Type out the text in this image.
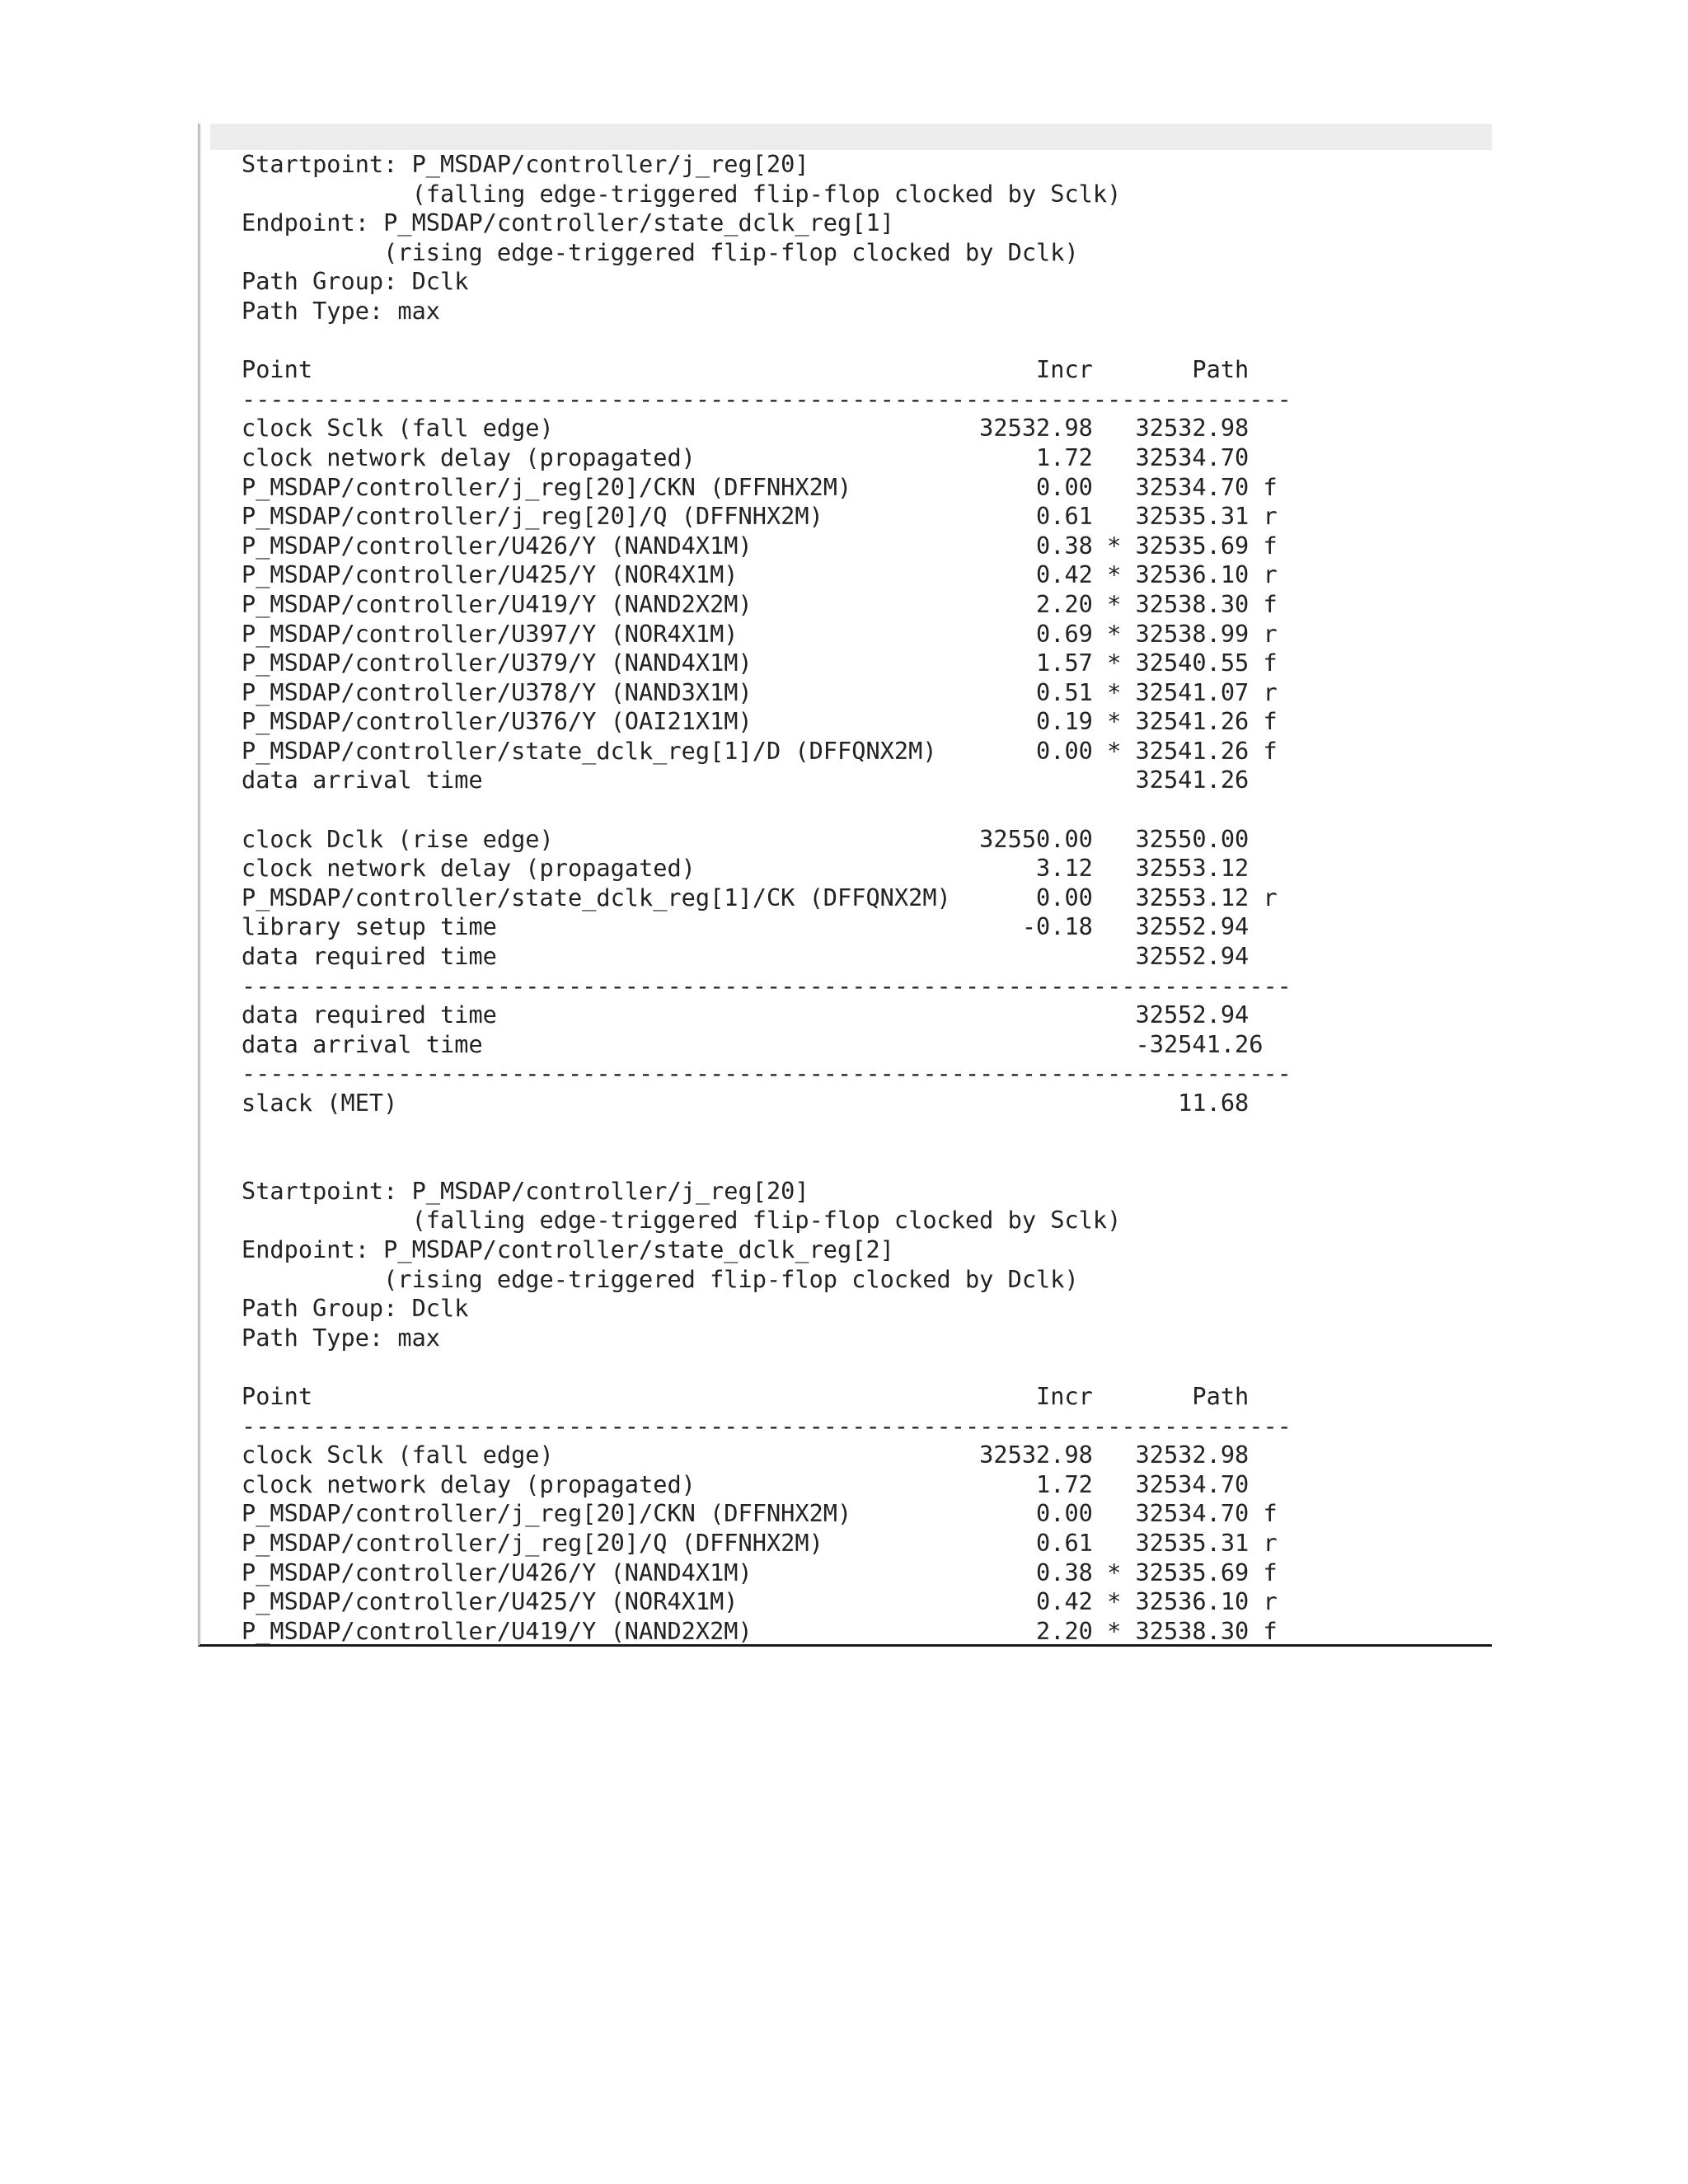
Startpoint: P_MSDAP/controller/j_reg[20]
(falling edge-triggered flip-flop clocked by Sclk)
Endpoint: P_MSDAP/controller/state_dclk_reg[1]
(rising edge-triggered flip-flop clocked by Dclk)
Path Group: Dclk
Path Type: max

Point                                                   Incr       Path
--------------------------------------------------------------------------
clock Sclk (fall edge)                              32532.98   32532.98
clock network delay (propagated)                        1.72   32534.70
P_MSDAP/controller/j_reg[20]/CKN (DFFNHX2M)             0.00   32534.70 f
P_MSDAP/controller/j_reg[20]/Q (DFFNHX2M)               0.61   32535.31 r
P_MSDAP/controller/U426/Y (NAND4X1M)                    0.38 * 32535.69 f
P_MSDAP/controller/U425/Y (NOR4X1M)                     0.42 * 32536.10 r
P_MSDAP/controller/U419/Y (NAND2X2M)                    2.20 * 32538.30 f
P_MSDAP/controller/U397/Y (NOR4X1M)                     0.69 * 32538.99 r
P_MSDAP/controller/U379/Y (NAND4X1M)                    1.57 * 32540.55 f
P_MSDAP/controller/U378/Y (NAND3X1M)                    0.51 * 32541.07 r
P_MSDAP/controller/U376/Y (OAI21X1M)                    0.19 * 32541.26 f
P_MSDAP/controller/state_dclk_reg[1]/D (DFFQNX2M)       0.00 * 32541.26 f
data arrival time                                              32541.26

clock Dclk (rise edge)                              32550.00   32550.00
clock network delay (propagated)                        3.12   32553.12
P_MSDAP/controller/state_dclk_reg[1]/CK (DFFQNX2M)      0.00   32553.12 r
library setup time                                     -0.18   32552.94
data required time                                             32552.94
--------------------------------------------------------------------------
data required time                                             32552.94
data arrival time                                              -32541.26
--------------------------------------------------------------------------
slack (MET)                                                       11.68

Startpoint: P_MSDAP/controller/j_reg[20]
(falling edge-triggered flip-flop clocked by Sclk)
Endpoint: P_MSDAP/controller/state_dclk_reg[2]
(rising edge-triggered flip-flop clocked by Dclk)
Path Group: Dclk
Path Type: max

Point                                                   Incr       Path
--------------------------------------------------------------------------
clock Sclk (fall edge)                              32532.98   32532.98
clock network delay (propagated)                        1.72   32534.70
P_MSDAP/controller/j_reg[20]/CKN (DFFNHX2M)             0.00   32534.70 f
P_MSDAP/controller/j_reg[20]/Q (DFFNHX2M)               0.61   32535.31 r
P_MSDAP/controller/U426/Y (NAND4X1M)                    0.38 * 32535.69 f
P_MSDAP/controller/U425/Y (NOR4X1M)                     0.42 * 32536.10 r
P_MSDAP/controller/U419/Y (NAND2X2M)                    2.20 * 32538.30 f
